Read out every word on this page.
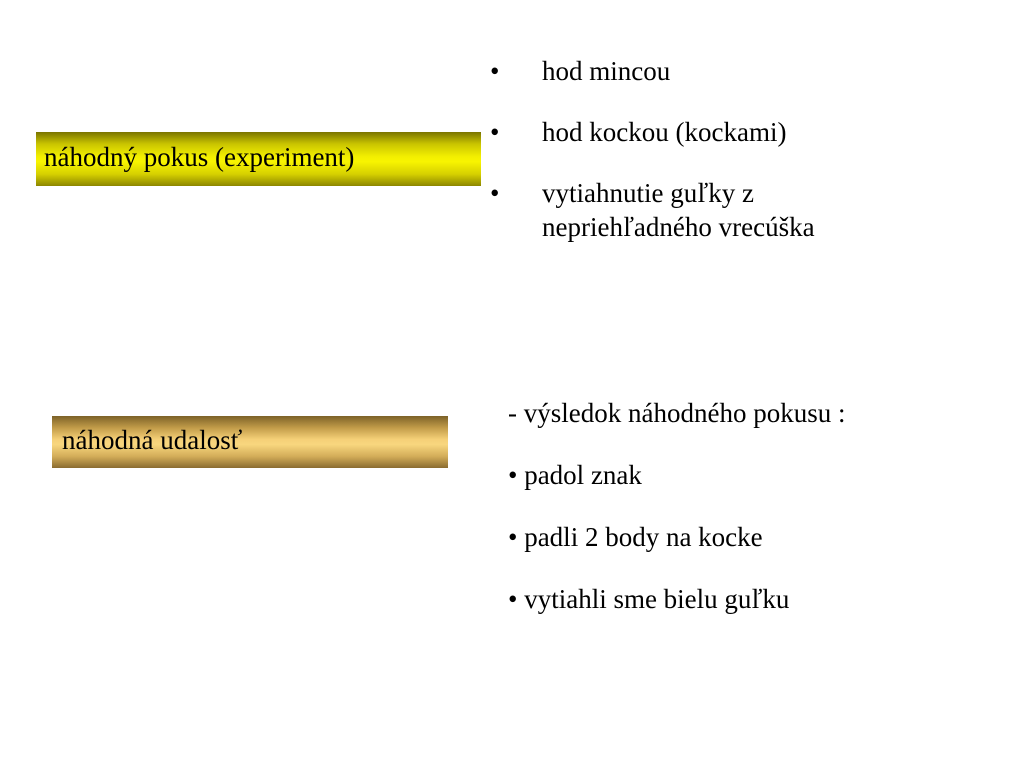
náhodný pokus (experiment)
• hod mincou
• hod kockou (kockami)
• vytiahnutie guľky z nepriehľadného vrecúška
náhodná udalosť
- výsledok náhodného pokusu :
• padol znak
• padli 2 body na kocke
• vytiahli sme bielu guľku
